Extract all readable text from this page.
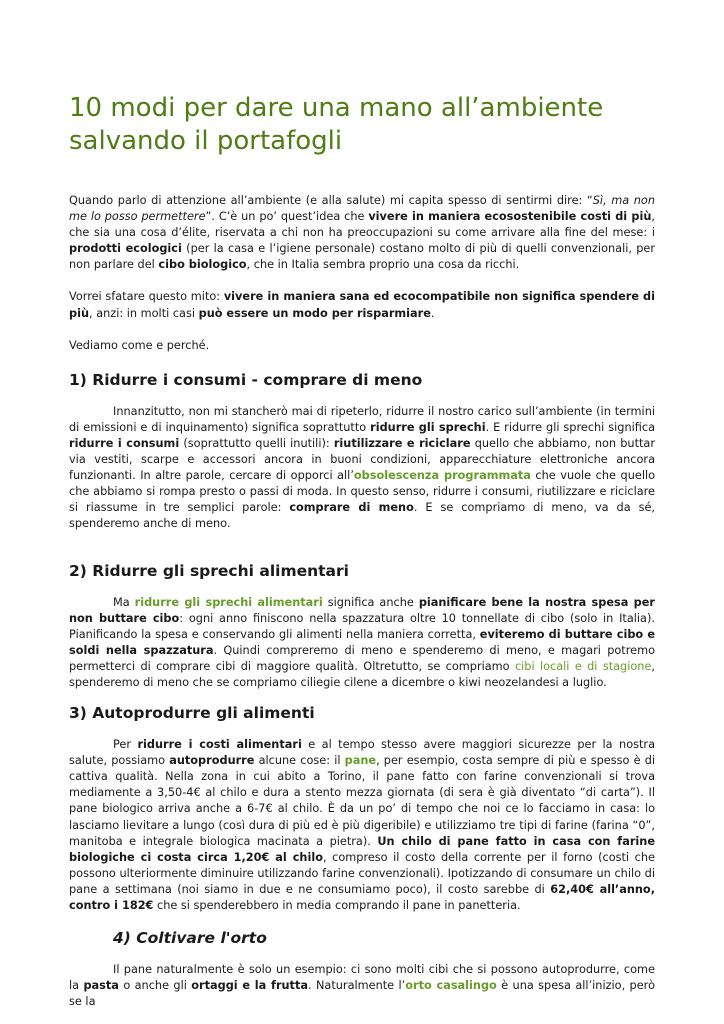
10 modi per dare una mano all’ambiente
salvando il portafogli

Quando parlo di attenzione all’ambiente (e alla salute) mi capita spesso di sentirmi dire: “Sì, ma non me lo posso permettere”. C’è un po’ quest’idea che vivere in maniera ecosostenibile costi di più, che sia una cosa d’élite, riservata a chi non ha preoccupazioni su come arrivare alla fine del mese: i prodotti ecologici (per la casa e l’igiene personale) costano molto di più di quelli convenzionali, per non parlare del cibo biologico, che in Italia sembra proprio una cosa da ricchi.

Vorrei sfatare questo mito: vivere in maniera sana ed ecocompatibile non significa spendere di più, anzi: in molti casi può essere un modo per risparmiare.

Vediamo come e perché.

1) Ridurre i consumi - comprare di meno

Innanzitutto, non mi stancherò mai di ripeterlo, ridurre il nostro carico sull’ambiente (in termini di emissioni e di inquinamento) significa soprattutto ridurre gli sprechi. E ridurre gli sprechi significa ridurre i consumi (soprattutto quelli inutili): riutilizzare e riciclare quello che abbiamo, non buttar via vestiti, scarpe e accessori ancora in buoni condizioni, apparecchiature elettroniche ancora funzionanti. In altre parole, cercare di opporci all’obsolescenza programmata che vuole che quello che abbiamo si rompa presto o passi di moda. In questo senso, ridurre i consumi, riutilizzare e riciclare si riassume in tre semplici parole: comprare di meno. E se compriamo di meno, va da sé, spenderemo anche di meno.

2) Ridurre gli sprechi alimentari

Ma ridurre gli sprechi alimentari significa anche pianificare bene la nostra spesa per non buttare cibo: ogni anno finiscono nella spazzatura oltre 10 tonnellate di cibo (solo in Italia). Pianificando la spesa e conservando gli alimenti nella maniera corretta, eviteremo di buttare cibo e soldi nella spazzatura. Quindi compreremo di meno e spenderemo di meno, e magari potremo permetterci di comprare cibi di maggiore qualità. Oltretutto, se compriamo cibi locali e di stagione, spenderemo di meno che se compriamo ciliegie cilene a dicembre o kiwi neozelandesi a luglio.

3) Autoprodurre gli alimenti

Per ridurre i costi alimentari e al tempo stesso avere maggiori sicurezze per la nostra salute, possiamo autoprodurre alcune cose: il pane, per esempio, costa sempre di più e spesso è di cattiva qualità. Nella zona in cui abito a Torino, il pane fatto con farine convenzionali si trova mediamente a 3,50-4€ al chilo e dura a stento mezza giornata (di sera è già diventato “di carta”). Il pane biologico arriva anche a 6-7€ al chilo. È da un po’ di tempo che noi ce lo facciamo in casa: lo lasciamo lievitare a lungo (così dura di più ed è più digeribile) e utilizziamo tre tipi di farine (farina “0”, manitoba e integrale biologica macinata a pietra). Un chilo di pane fatto in casa con farine biologiche ci costa circa 1,20€ al chilo, compreso il costo della corrente per il forno (costi che possono ulteriormente diminuire utilizzando farine convenzionali). Ipotizzando di consumare un chilo di pane a settimana (noi siamo in due e ne consumiamo poco), il costo sarebbe di 62,40€ all’anno, contro i 182€ che si spenderebbero in media comprando il pane in panetteria.

4) Coltivare l'orto

Il pane naturalmente è solo un esempio: ci sono molti cibi che si possono autoprodurre, come la pasta o anche gli ortaggi e la frutta. Naturalmente l’orto casalingo è una spesa all’inizio, però se la
